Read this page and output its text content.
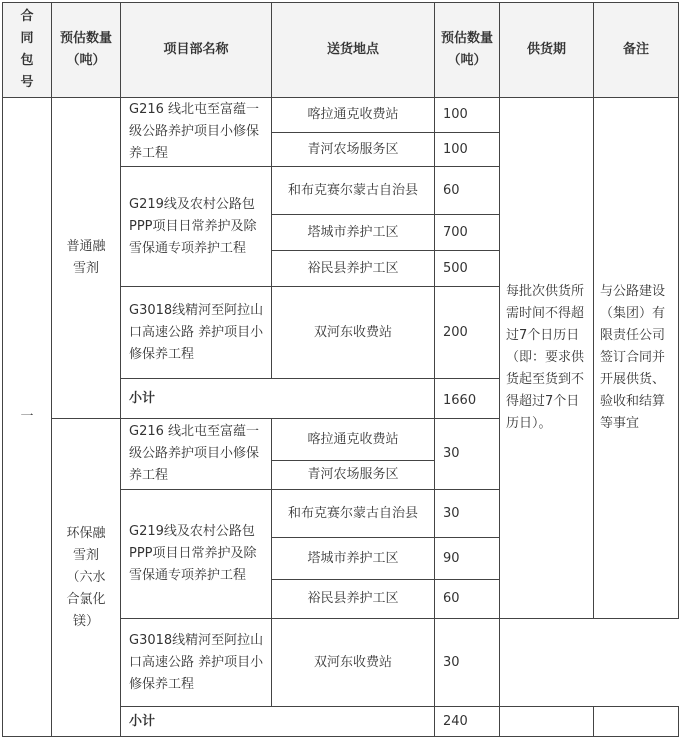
合同包号	预估数量（吨）	项目部名称	送货地点	预估数量（吨）	供货期	备注
一	普通融雪剂	G216 线北屯至富蕴一级公路养护项目小修保养工程	喀拉通克收费站	100	每批次供货所需时间不得超过7个日历日（即：要求供货起至货到不得超过7个日历日）。	与公路建设（集团）有限责任公司签订合同并开展供货、验收和结算等事宜
			青河农场服务区	100		
		G219线及农村公路包PPP项目日常养护及除雪保通专项养护工程	和布克赛尔蒙古自治县	60		
			塔城市养护工区	700		
			裕民县养护工区	500		
		G3018线精河至阿拉山口高速公路 养护项目小修保养工程	双河东收费站	200		
		小计		1660		
	环保融雪剂（六水合氯化镁）	G216 线北屯至富蕴一级公路养护项目小修保养工程	喀拉通克收费站	30		
			青河农场服务区			
		G219线及农村公路包PPP项目日常养护及除雪保通专项养护工程	和布克赛尔蒙古自治县	30		
			塔城市养护工区	90		
			裕民县养护工区	60		
		G3018线精河至阿拉山口高速公路 养护项目小修保养工程	双河东收费站	30		
		小计		240		
